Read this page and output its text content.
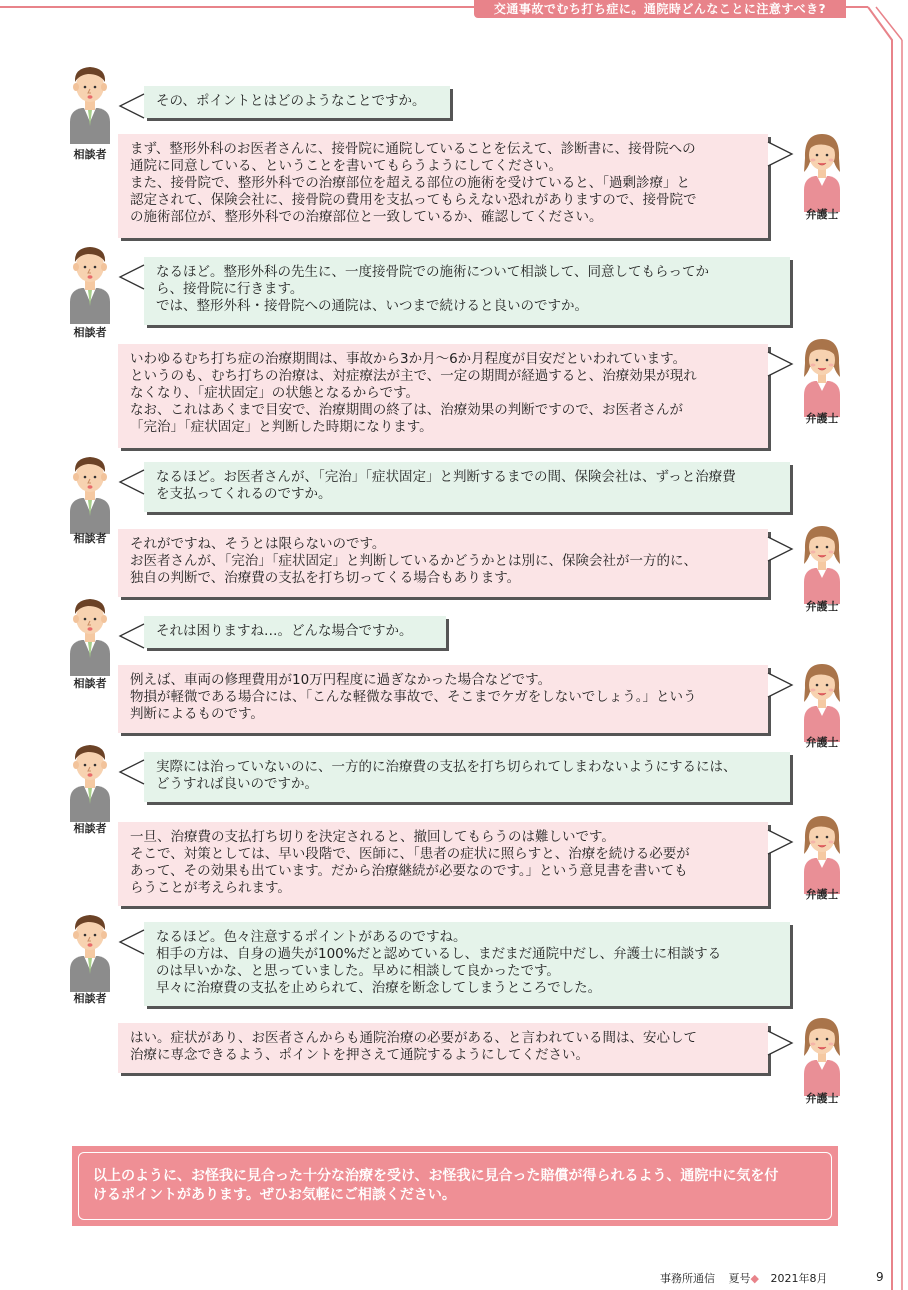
交通事故でむち打ち症に。通院時どんなことに注意すべき?
相談者
その、ポイントとはどのようなことですか。
弁護士
まず、整形外科のお医者さんに、接骨院に通院していることを伝えて、診断書に、接骨院への
通院に同意している、ということを書いてもらうようにしてください。
また、接骨院で、整形外科での治療部位を超える部位の施術を受けていると、「過剰診療」と
認定されて、保険会社に、接骨院の費用を支払ってもらえない恐れがありますので、接骨院で
の施術部位が、整形外科での治療部位と一致しているか、確認してください。
相談者
なるほど。整形外科の先生に、一度接骨院での施術について相談して、同意してもらってか
ら、接骨院に行きます。
では、整形外科・接骨院への通院は、いつまで続けると良いのですか。
弁護士
いわゆるむち打ち症の治療期間は、事故から3か月〜6か月程度が目安だといわれています。
というのも、むち打ちの治療は、対症療法が主で、一定の期間が経過すると、治療効果が現れ
なくなり、「症状固定」の状態となるからです。
なお、これはあくまで目安で、治療期間の終了は、治療効果の判断ですので、お医者さんが
「完治」「症状固定」と判断した時期になります。
相談者
なるほど。お医者さんが、「完治」「症状固定」と判断するまでの間、保険会社は、ずっと治療費
を支払ってくれるのですか。
弁護士
それがですね、そうとは限らないのです。
お医者さんが、「完治」「症状固定」と判断しているかどうかとは別に、保険会社が一方的に、
独自の判断で、治療費の支払を打ち切ってくる場合もあります。
相談者
それは困りますね…。どんな場合ですか。
弁護士
例えば、車両の修理費用が10万円程度に過ぎなかった場合などです。
物損が軽微である場合には、「こんな軽微な事故で、そこまでケガをしないでしょう。」という
判断によるものです。
相談者
実際には治っていないのに、一方的に治療費の支払を打ち切られてしまわないようにするには、
どうすれば良いのですか。
弁護士
一旦、治療費の支払打ち切りを決定されると、撤回してもらうのは難しいです。
そこで、対策としては、早い段階で、医師に、「患者の症状に照らすと、治療を続ける必要が
あって、その効果も出ています。だから治療継続が必要なのです。」という意見書を書いても
らうことが考えられます。
相談者
なるほど。色々注意するポイントがあるのですね。
相手の方は、自身の過失が100%だと認めているし、まだまだ通院中だし、弁護士に相談する
のは早いかな、と思っていました。早めに相談して良かったです。
早々に治療費の支払を止められて、治療を断念してしまうところでした。
弁護士
はい。症状があり、お医者さんからも通院治療の必要がある、と言われている間は、安心して
治療に専念できるよう、ポイントを押さえて通院するようにしてください。
以上のように、お怪我に見合った十分な治療を受け、お怪我に見合った賠償が得られるよう、通院中に気を付
けるポイントがあります。ぜひお気軽にご相談ください。
事務所通信 夏号◆ 2021年8月	9
